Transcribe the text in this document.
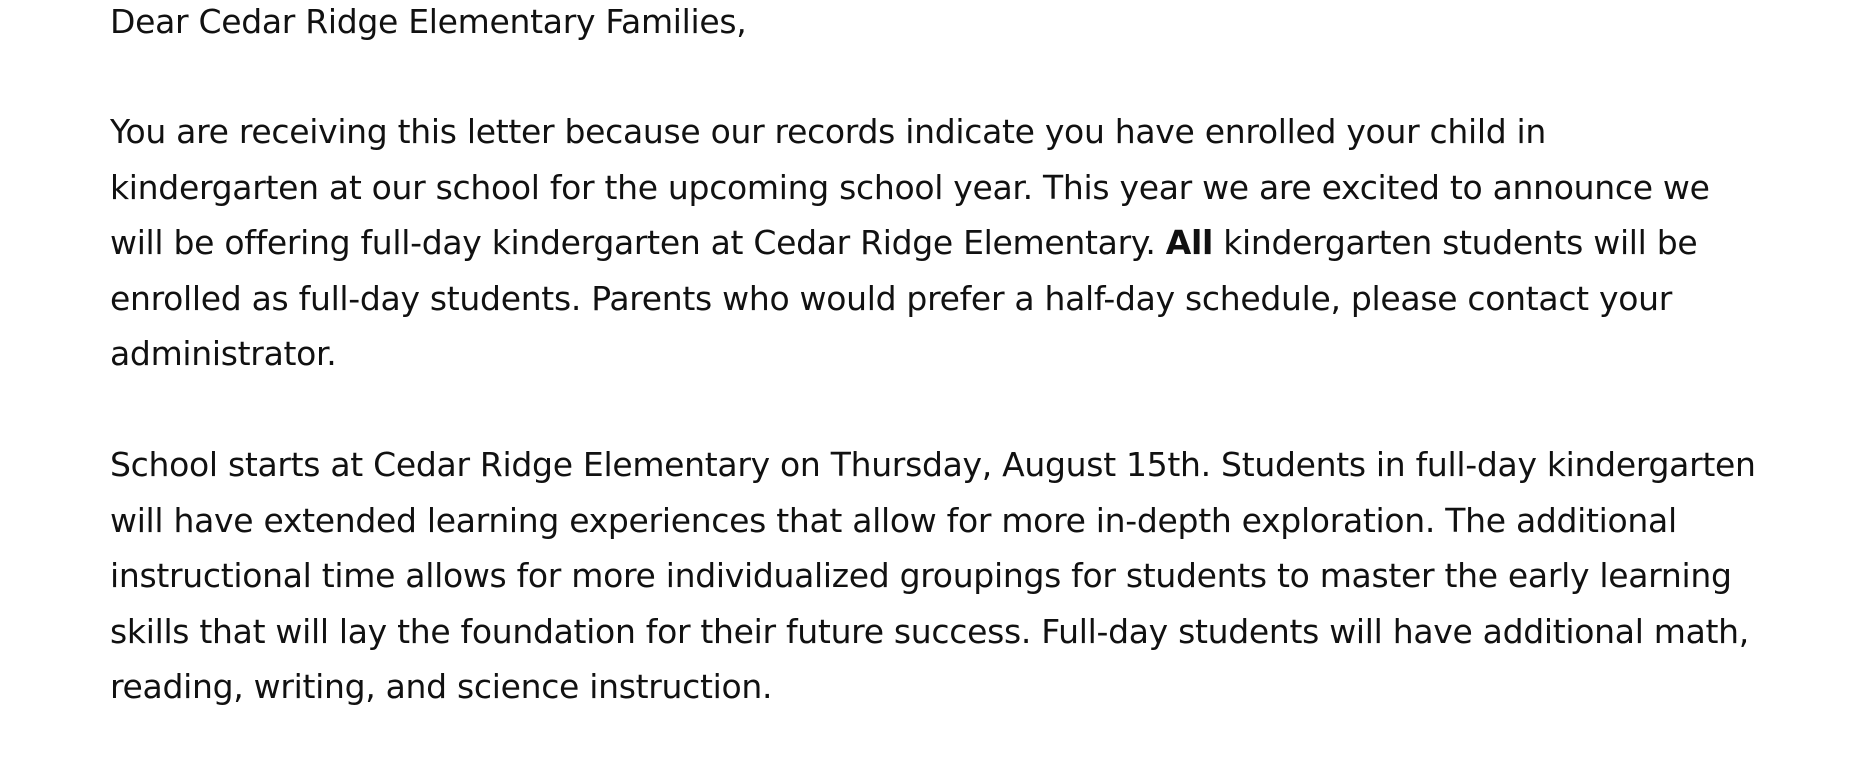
Dear Cedar Ridge Elementary Families,

You are receiving this letter because our records indicate you have enrolled your child in
kindergarten at our school for the upcoming school year. This year we are excited to announce we
will be offering full-day kindergarten at Cedar Ridge Elementary. All kindergarten students will be
enrolled as full-day students. Parents who would prefer a half-day schedule, please contact your
administrator.

School starts at Cedar Ridge Elementary on Thursday, August 15th. Students in full-day kindergarten
will have extended learning experiences that allow for more in-depth exploration. The additional
instructional time allows for more individualized groupings for students to master the early learning
skills that will lay the foundation for their future success. Full-day students will have additional math,
reading, writing, and science instruction.
